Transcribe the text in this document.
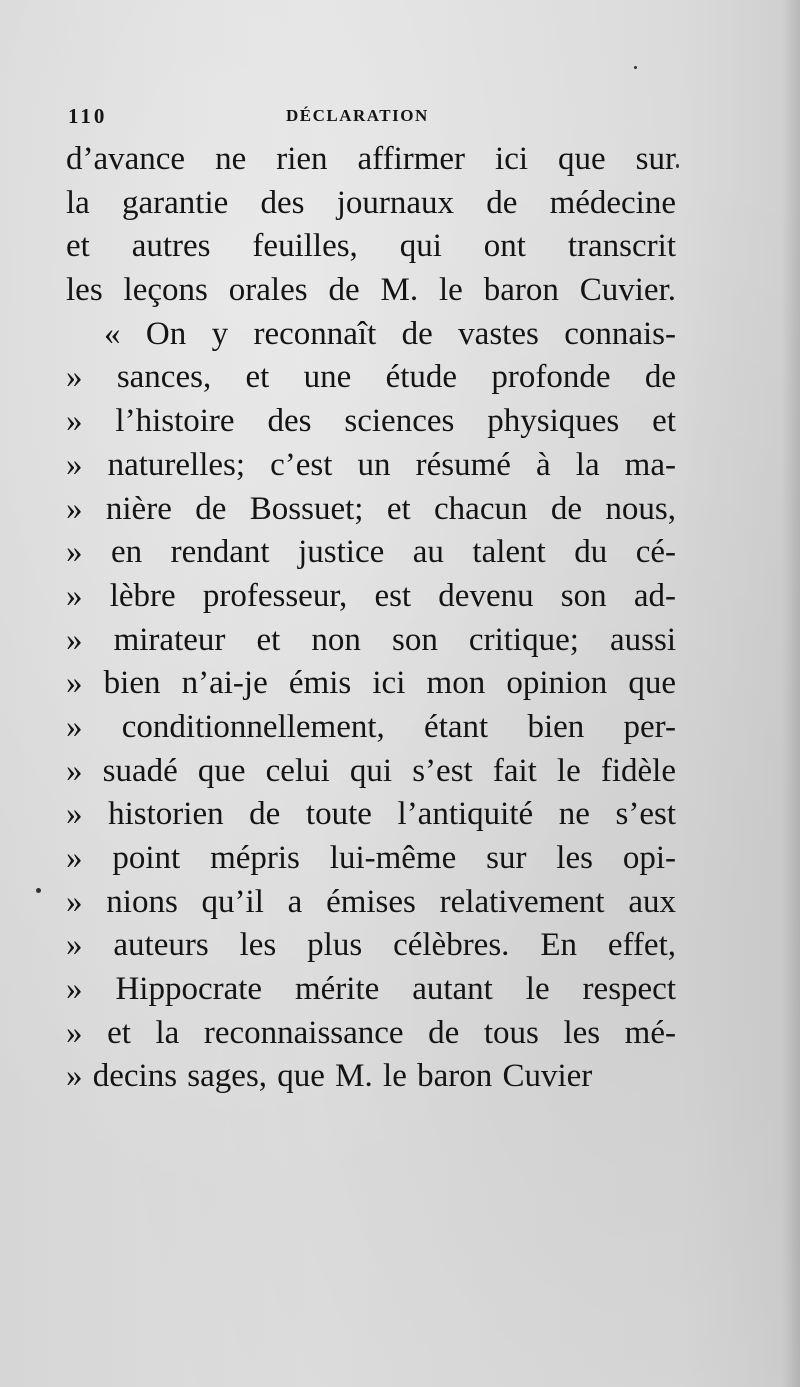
110	DÉCLARATION
d’avance ne rien affirmer ici que sur
la garantie des journaux de médecine
et autres feuilles, qui ont transcrit
les leçons orales de M. le baron Cuvier.
« On y reconnaît de vastes connais-
» sances, et une étude profonde de
» l’histoire des sciences physiques et
» naturelles; c’est un résumé à la ma-
» nière de Bossuet; et chacun de nous,
» en rendant justice au talent du cé-
» lèbre professeur, est devenu son ad-
» mirateur et non son critique; aussi
» bien n’ai-je émis ici mon opinion que
» conditionnellement, étant bien per-
» suadé que celui qui s’est fait le fidèle
» historien de toute l’antiquité ne s’est
» point mépris lui-même sur les opi-
» nions qu’il a émises relativement aux
» auteurs les plus célèbres. En effet,
» Hippocrate mérite autant le respect
» et la reconnaissance de tous les mé-
» decins sages, que M. le baron Cuvier
